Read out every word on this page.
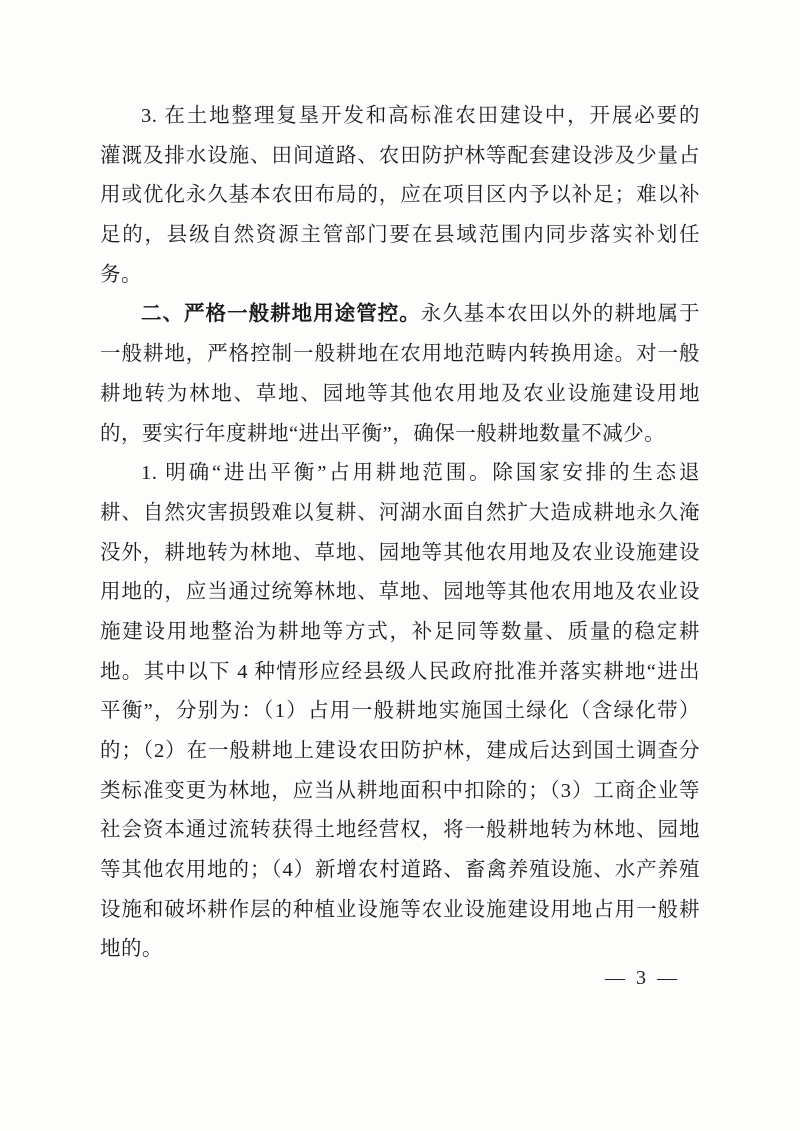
3. 在土地整理复垦开发和高标准农田建设中，开展必要的
灌溉及排水设施、田间道路、农田防护林等配套建设涉及少量占
用或优化永久基本农田布局的，应在项目区内予以补足；难以补
足的，县级自然资源主管部门要在县域范围内同步落实补划任
务。
二、严格一般耕地用途管控。永久基本农田以外的耕地属于
一般耕地，严格控制一般耕地在农用地范畴内转换用途。对一般
耕地转为林地、草地、园地等其他农用地及农业设施建设用地
的，要实行年度耕地“进出平衡”，确保一般耕地数量不减少。
1. 明确“进出平衡”占用耕地范围。除国家安排的生态退
耕、自然灾害损毁难以复耕、河湖水面自然扩大造成耕地永久淹
没外，耕地转为林地、草地、园地等其他农用地及农业设施建设
用地的，应当通过统筹林地、草地、园地等其他农用地及农业设
施建设用地整治为耕地等方式，补足同等数量、质量的稳定耕
地。其中以下 4 种情形应经县级人民政府批准并落实耕地“进出
平衡”，分别为：（1）占用一般耕地实施国土绿化（含绿化带）
的；（2）在一般耕地上建设农田防护林，建成后达到国土调查分
类标准变更为林地，应当从耕地面积中扣除的；（3）工商企业等
社会资本通过流转获得土地经营权，将一般耕地转为林地、园地
等其他农用地的；（4）新增农村道路、畜禽养殖设施、水产养殖
设施和破坏耕作层的种植业设施等农业设施建设用地占用一般耕
地的。
— 3 —
